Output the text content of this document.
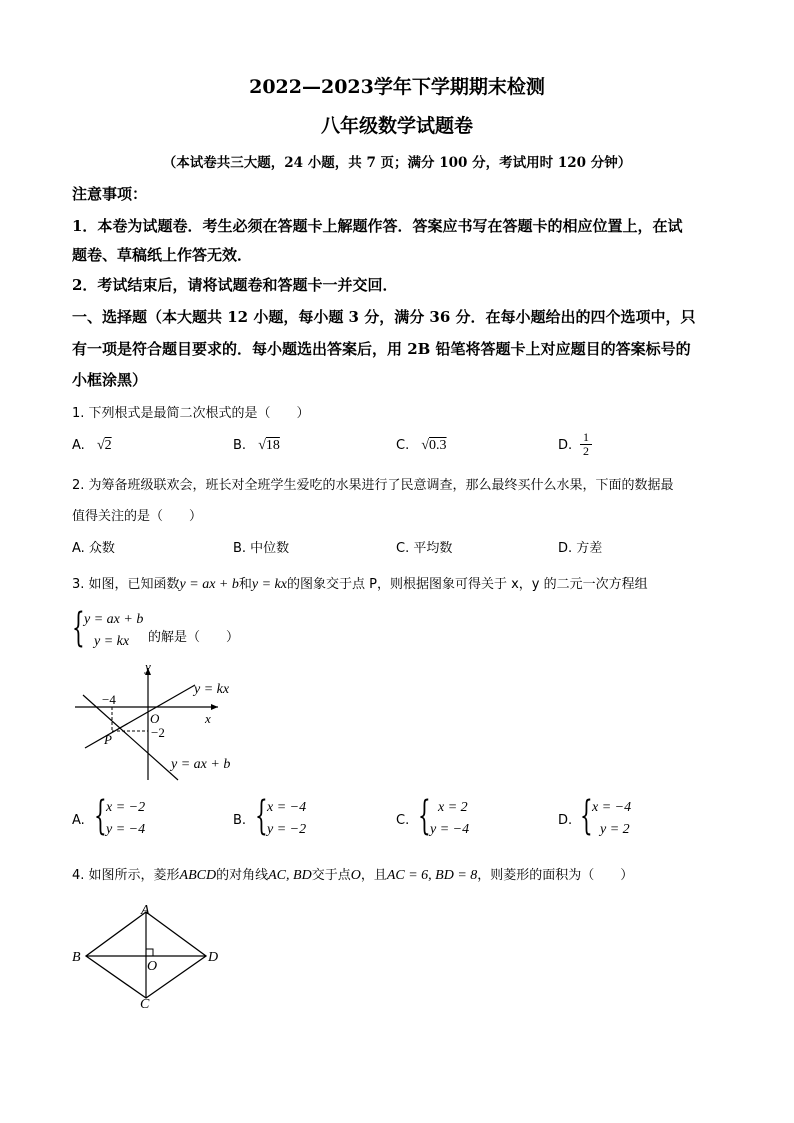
2022—2023学年下学期期末检测
八年级数学试题卷
（本试卷共三大题，24 小题，共 7 页；满分 100 分，考试用时 120 分钟）
注意事项：
1．本卷为试题卷．考生必须在答题卡上解题作答．答案应书写在答题卡的相应位置上，在试
题卷、草稿纸上作答无效．
2．考试结束后，请将试题卷和答题卡一并交回．
一、选择题（本大题共 12 小题，每小题 3 分，满分 36 分．在每小题给出的四个选项中，只
有一项是符合题目要求的．每小题选出答案后，用 2B 铅笔将答题卡上对应题目的答案标号的
小框涂黑）
1. 下列根式是最简二次根式的是（　　）
A. √2	B. √18	C. √0.3	D.
1
2
2. 为筹备班级联欢会，班长对全班学生爱吃的水果进行了民意调查，那么最终买什么水果，下面的数据最
值得关注的是（　　）
A. 众数	B. 中位数	C. 平均数	D. 方差
3. 如图，已知函数y = ax + b和y = kx的图象交于点 P，则根据图象可得关于 x，y 的二元一次方程组
{ y = ax + b
y = kx 的解是（　　）
y
x
O
−4
−2
P
y = kx
y = ax + b
A. { x = −2
y = −4
B. { x = −4
y = −2
C. { x = 2
y = −4
D. { x = −4
y = 2
4. 如图所示，菱形ABCD的对角线AC, BD交于点O，且AC = 6, BD = 8，则菱形的面积为（　　）
A
B
C
D
O
